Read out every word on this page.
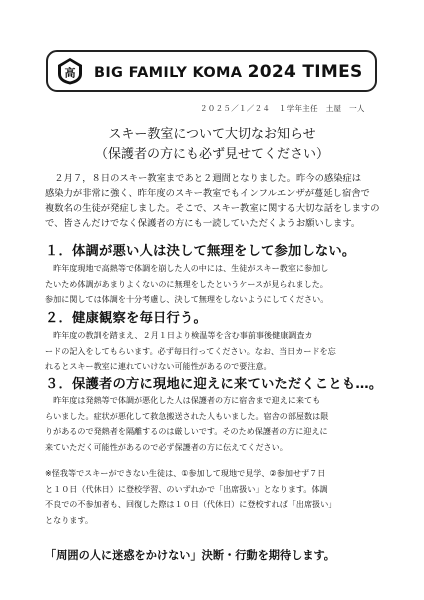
高 BIG FAMILY KOMA 2024 TIMES
２０２５／１／２４ １学年主任　土屋　一人
スキー教室について大切なお知らせ
（保護者の方にも必ず見せてください）
　２月７，８日のスキー教室まであと２週間となりました。昨今の感染症は
感染力が非常に強く、昨年度のスキー教室でもインフルエンザが蔓延し宿舎で
複数名の生徒が発症しました。そこで、スキー教室に関する大切な話をしますの
で、皆さんだけでなく保護者の方にも一読していただくようお願いします。
１．体調が悪い人は決して無理をして参加しない。
　昨年度現地で高熱等で体調を崩した人の中には、生徒がスキー教室に参加し
たいため体調があまりよくないのに無理をしたというケースが見られました。
参加に関しては体調を十分考慮し、決して無理をしないようにしてください。
２．健康観察を毎日行う。
　昨年度の教訓を踏まえ、２月１日より検温等を含む事前事後健康調査カ
ードの記入をしてもらいます。必ず毎日行ってください。なお、当日カードを忘
れるとスキー教室に連れていけない可能性があるので要注意。
３．保護者の方に現地に迎えに来ていただくことも…。
　昨年度は発熱等で体調が悪化した人は保護者の方に宿舎まで迎えに来ても
らいました。症状が悪化して救急搬送された人もいました。宿舎の部屋数は限
りがあるので発熱者を隔離するのは厳しいです。そのため保護者の方に迎えに
来ていただく可能性があるので必ず保護者の方に伝えてください。
※怪我等でスキーができない生徒は、①参加して現地で見学、②参加せず７日
と１０日（代休日）に登校学習、のいずれかで「出席扱い」となります。体調
不良での不参加者も、回復した際は１０日（代休日）に登校すれば「出席扱い」
となります。
「周囲の人に迷惑をかけない」決断・行動を期待します。
